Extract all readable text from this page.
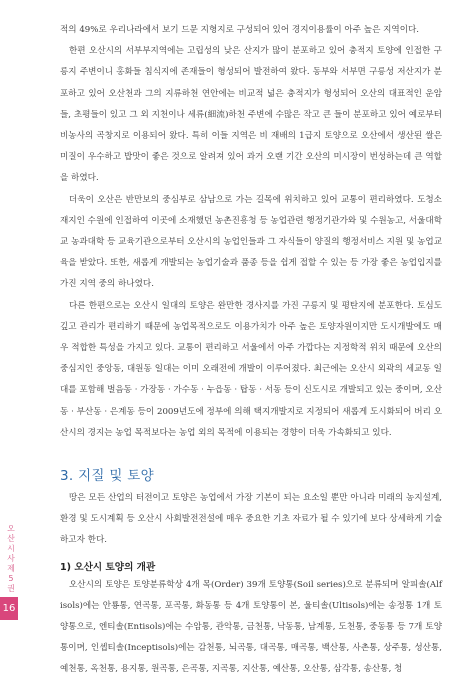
적의 49%로 우리나라에서 보기 드문 지형지로 구성되어 있어 경지이용률이 아주 높은 지역이다.

한편 오산시의 서부부지역에는 고립성의 낮은 산지가 많이 분포하고 있어 충적지 토양에 인접한 구릉지 주변이니 홍화들 침식지에 존재들이 형성되어 발전하여 왔다. 동부와 서부면 구릉성 저산지가 분포하고 있어 오산천과 그의 지류하천 연안에는 비교적 넓은 충적지가 형성되어 오산의 대표적인 운암들, 초평들이 있고 그 외 지천이나 세류(細流)하천 주변에 수많은 작고 큰 들이 분포하고 있어 예로부터 비농사의 곡창지로 이용되어 왔다. 특히 이들 지역은 비 재배의 1급지 토양으로 오산에서 생산된 쌀은 미질이 우수하고 밥맛이 좋은 것으로 알려져 있어 과거 오랜 기간 오산의 미시장이 번성하는데 큰 역할을 하였다.

더욱이 오산은 반만보의 중심부로 삼남으로 가는 길목에 위치하고 있어 교통이 편리하였다. 도청소재지인 수원에 인접하여 이곳에 소재했던 농촌진흥청 등 농업관련 행정기관가와 및 수원농고, 서울대학교 농과대학 등 교육기관으로부터 오산시의 농업인들과 그 자식들이 양질의 행정서비스 지원 및 농업교육을 받았다. 또한, 새롭게 개발되는 농업기술과 품종 등을 쉽게 접할 수 있는 등 가장 좋은 농업입지를 가진 지역 중의 하나였다.

다른 한편으로는 오산시 일대의 토양은 완만한 경사지를 가진 구릉지 및 평탄지에 분포한다. 토심도 깊고 관리가 편리하기 때문에 농업목적으로도 이용가치가 아주 높은 토양자원이지만 도시개발에도 매우 적합한 특성을 가지고 있다. 교통이 편리하고 서울에서 아주 가깝다는 지정학적 위치 때문에 오산의 중심지인 중앙동, 대원동 일대는 이미 오래전에 개발이 이루어졌다. 최근에는 오산시 외곽의 세교동 일대를 포함해 벌음동 · 가장동 · 가수동 · 누읍동 · 탑동 · 서동 등이 신도시로 개발되고 있는 중이며, 오산동 · 부산동 · 은계동 등이 2009년도에 정부에 의해 택지개발지로 지정되어 새롭게 도시화되어 버리 오산시의 경지는 농업 목적보다는 농업 외의 목적에 이용되는 경향이 더욱 가속화되고 있다.

3. 지질 및 토양

땅은 모든 산업의 터전이고 토양은 농업에서 가장 기본이 되는 요소일 뿐만 아니라 미래의 농지설계, 환경 및 도시계획 등 오산시 사회발전전설에 매우 중요한 기초 자료가 될 수 있기에 보다 상세하게 기술하고자 한다.

1) 오산시 토양의 개관

오산시의 토양은 토양분류학상 4개 목(Order) 39개 토양통(Soil series)으로 분류되며 알피솔(Alfisols)에는 안룡통, 연곡통, 포곡통, 화동통 등 4개 토양통이 본, 울티솔(Ultisols)에는 송정통 1개 토양통으로, 엔티솔(Entisols)에는 수암통, 관악통, 금천통, 낙동통, 남계통, 도천통, 중동통 등 7개 토양통이며, 인셉티솔(Inceptisols)에는 감천통, 뇌곡통, 대곡통, 매곡통, 백산통, 사촌통, 상주통, 성산통, 예천통, 옥천통, 용지통, 원곡통, 은곡통, 지곡통, 지산통, 예산통, 오산통, 삼각통, 송산통, 청

오
산
시
사
제
5
권
16
